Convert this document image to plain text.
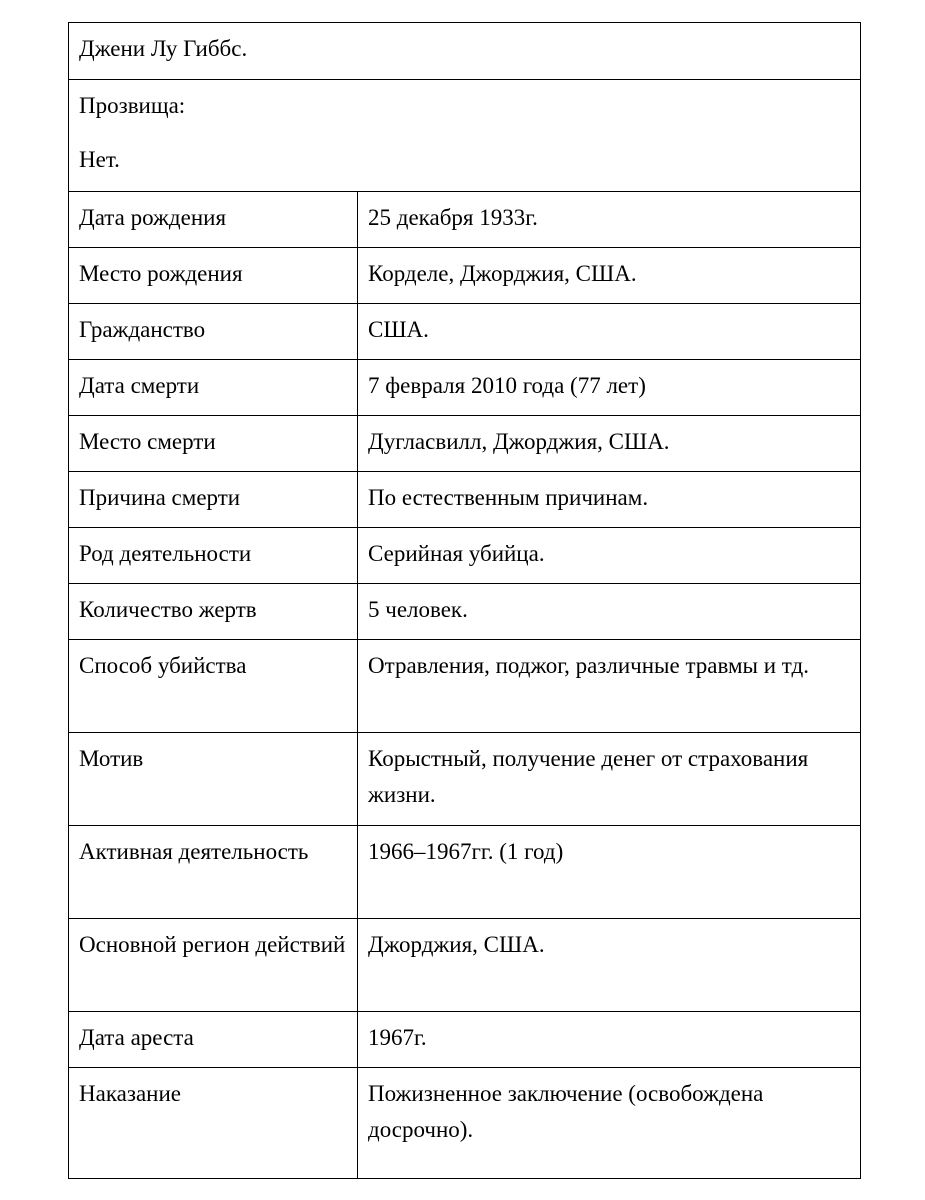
Джени Лу Гиббс.	

Прозвища:

Нет.	

Дата рождения	25 декабря 1933г.
Место рождения	Корделе, Джорджия, США.
Гражданство	США.
Дата смерти	7 февраля 2010 года (77 лет)
Место смерти	Дугласвилл, Джорджия, США.
Причина смерти	По естественным причинам.
Род деятельности	Серийная убийца.
Количество жертв	5 человек.
Способ убийства	Отравления, поджог, различные травмы и тд.
Мотив	Корыстный, получение денег от страхования жизни.
Активная деятельность	1966–1967гг. (1 год)
Основной регион действий	Джорджия, США.
Дата ареста	1967г.
Наказание	Пожизненное заключение (освобождена досрочно).
